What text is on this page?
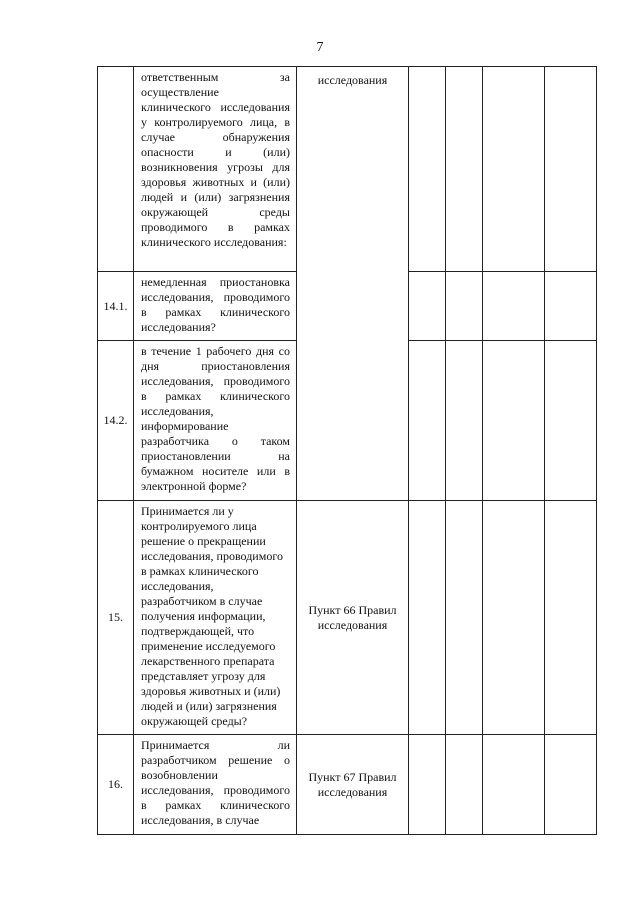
7
	ответственным за осуществление клинического исследования у контролируемого лица, в случае обнаружения опасности и (или) возникновения угрозы для здоровья животных и (или) людей и (или) загрязнения окружающей среды проводимого в рамках клинического исследования:	исследования				

14.1.	немедленная приостановка исследования, проводимого в рамках клинического исследования?					
14.2.	в течение 1 рабочего дня со дня приостановления исследования, проводимого в рамках клинического исследования, информирование разработчика о таком приостановлении на бумажном носителе или в электронной форме?					
15.	Принимается ли у контролируемого лица решение о прекращении исследования, проводимого в рамках клинического исследования, разработчиком в случае получения информации, подтверждающей, что применение исследуемого лекарственного препарата представляет угрозу для здоровья животных и (или) людей и (или) загрязнения окружающей среды?	Пункт 66 Правил исследования				
16.	Принимается ли разработчиком решение о возобновлении исследования, проводимого в рамках клинического исследования, в случае	Пункт 67 Правил исследования				
